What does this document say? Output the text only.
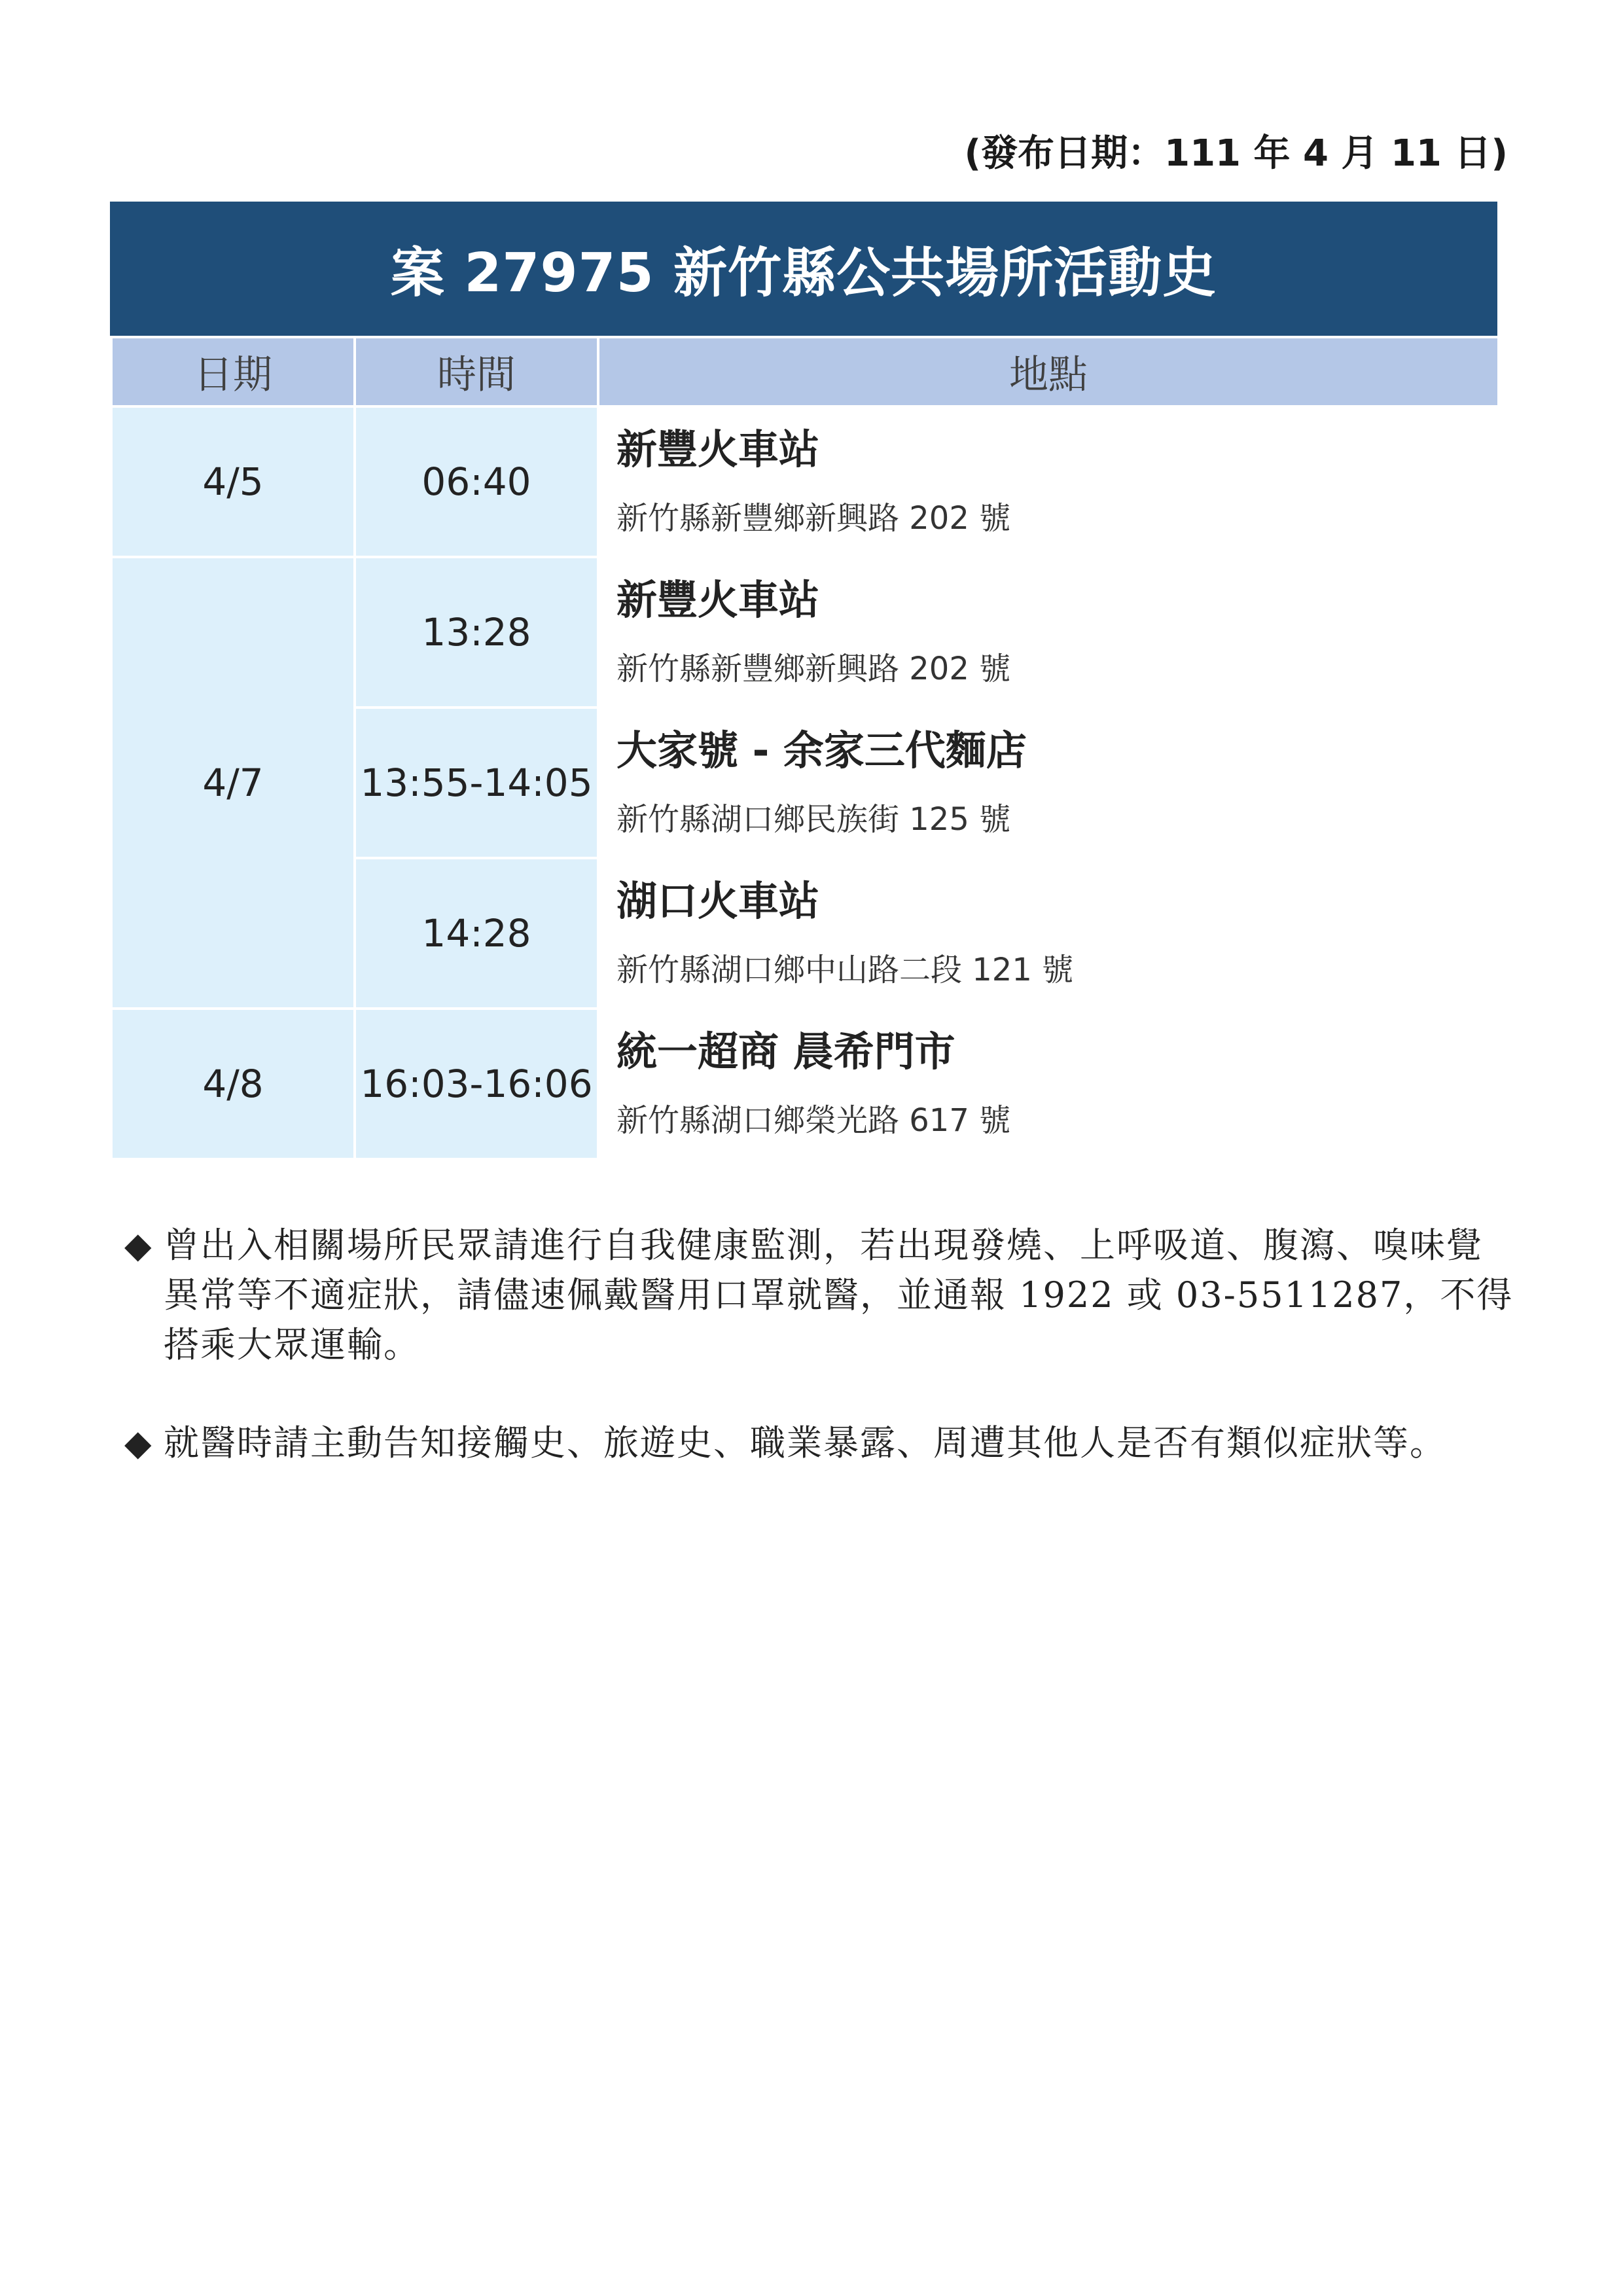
(發布日期：111 年 4 月 11 日)
案 27975 新竹縣公共場所活動史
日期	時間	地點
4/5	06:40	新豐火車站
新竹縣新豐鄉新興路 202 號

4/7	13:28	新豐火車站
新竹縣新豐鄉新興路 202 號

	13:55-14:05	大家號 - 余家三代麵店
新竹縣湖口鄉民族街 125 號

	14:28	湖口火車站
新竹縣湖口鄉中山路二段 121 號

4/8	16:03-16:06	統一超商 晨希門市
新竹縣湖口鄉榮光路 617 號
◆ 曾出入相關場所民眾請進行自我健康監測，若出現發燒、上呼吸道、腹瀉、嗅味覺異常等不適症狀，請儘速佩戴醫用口罩就醫，並通報 1922 或 03-5511287，不得搭乘大眾運輸。
◆ 就醫時請主動告知接觸史、旅遊史、職業暴露、周遭其他人是否有類似症狀等。
